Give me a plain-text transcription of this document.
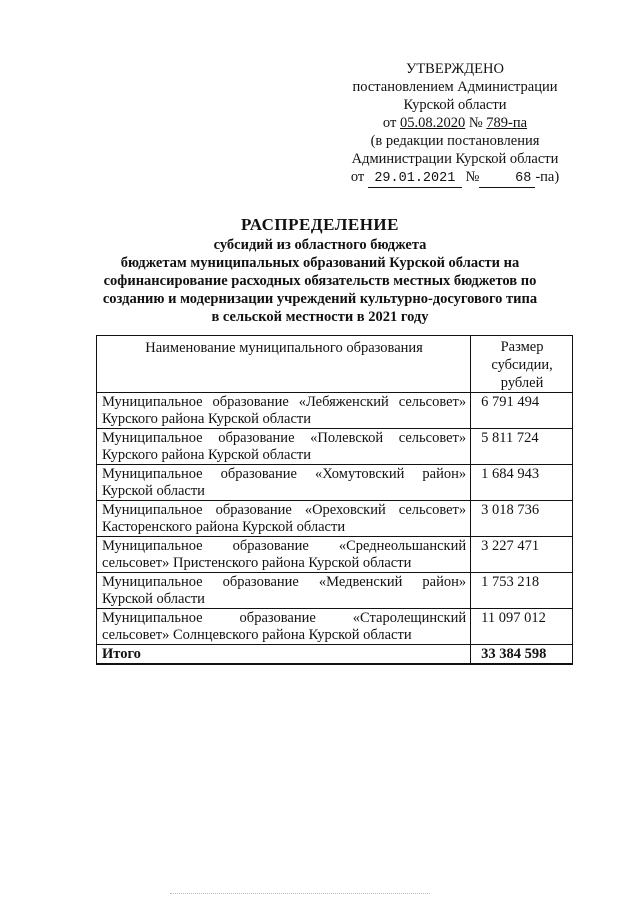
УТВЕРЖДЕНО
постановлением Администрации
Курской области
от 05.08.2020 № 789-па
(в редакции постановления
Администрации Курской области
от 29.01.2021 №	68 -па)
РАСПРЕДЕЛЕНИЕ
субсидий из областного бюджета
бюджетам муниципальных образований Курской области на
софинансирование расходных обязательств местных бюджетов по
созданию и модернизации учреждений культурно-досугового типа
в сельской местности в 2021 году
Наименование муниципального образования	Размер субсидии, рублей
Муниципальное образование «Лебяженский сельсовет» Курского района Курской области	6 791 494
Муниципальное образование «Полевской сельсовет» Курского района Курской области	5 811 724
Муниципальное образование «Хомутовский район» Курской области	1 684 943
Муниципальное образование «Ореховский сельсовет» Касторенского района Курской области	3 018 736
Муниципальное образование «Среднеольшанский сельсовет» Пристенского района Курской области	3 227 471
Муниципальное образование «Медвенский район» Курской области	1 753 218
Муниципальное образование «Старолещинский сельсовет» Солнцевского района Курской области	11 097 012
Итого	33 384 598
